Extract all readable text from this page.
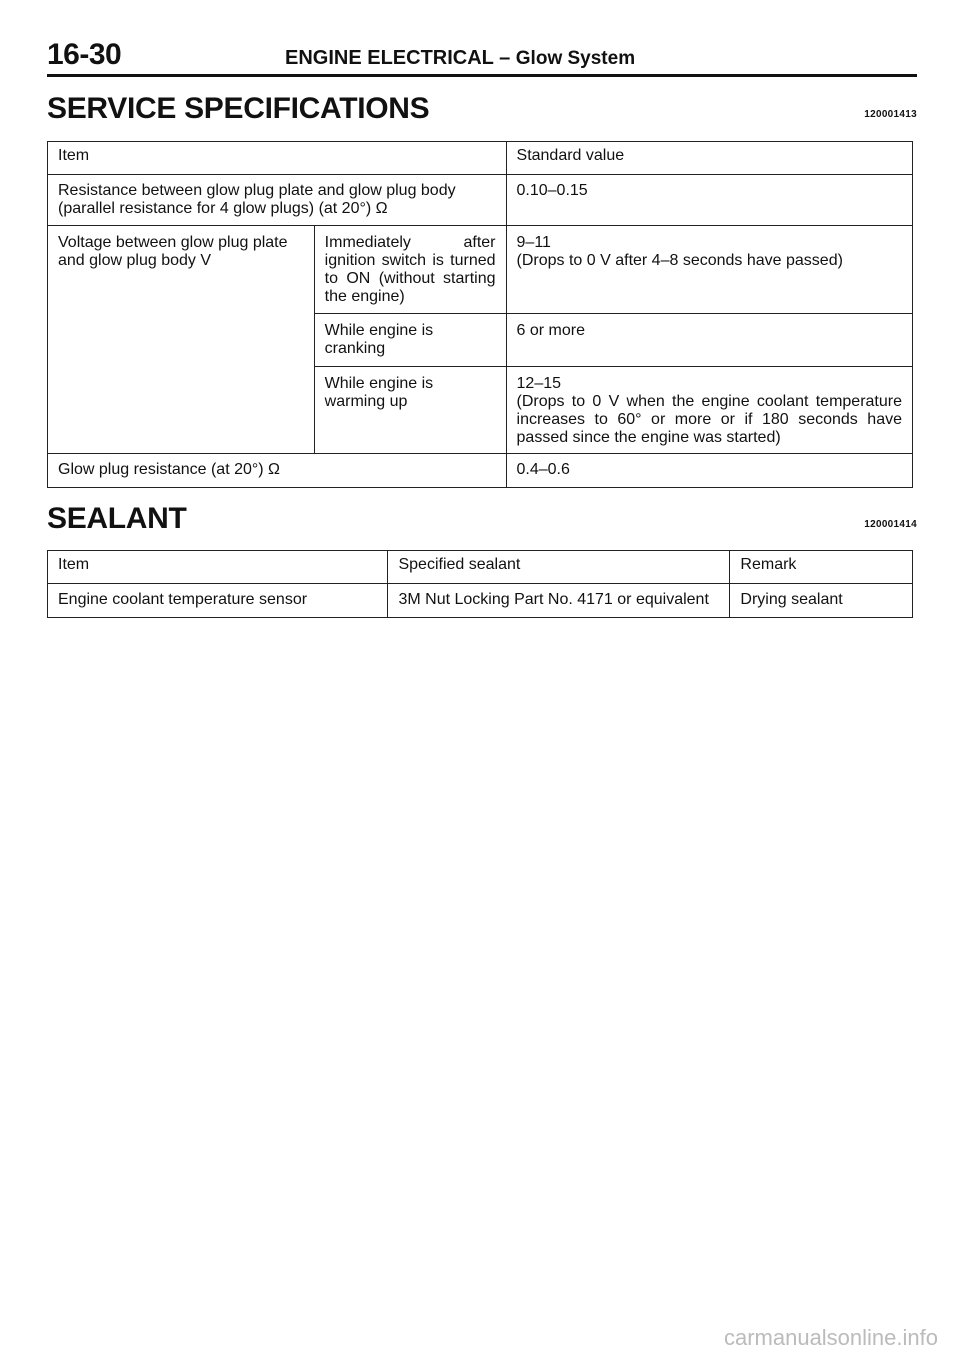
16-30	ENGINE ELECTRICAL – Glow System
SERVICE SPECIFICATIONS	120001413
Item		Standard value
Resistance between glow plug plate and glow plug body (parallel resistance for 4 glow plugs) (at 20°) Ω		0.10–0.15
Voltage between glow plug plate and glow plug body V	Immediately after ignition switch is turned to ON (without starting the engine)	9–11
(Drops to 0 V after 4–8 seconds have passed)
	While engine is cranking	6 or more
	While engine is warming up	12–15
(Drops to 0 V when the engine coolant temperature increases to 60° or more or if 180 seconds have passed since the engine was started)
Glow plug resistance (at 20°) Ω		0.4–0.6
SEALANT	120001414
Item	Specified sealant	Remark
Engine coolant temperature sensor	3M Nut Locking Part No. 4171 or equivalent	Drying sealant
carmanualsonline.info
